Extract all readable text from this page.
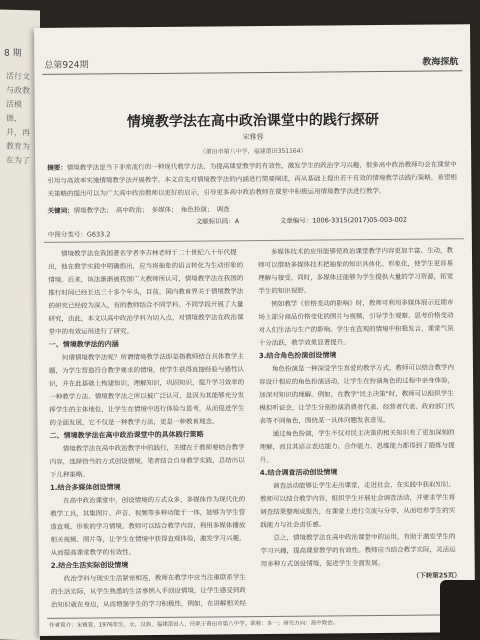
8 期
活行文与政教活模德，并，再教育为在为了
总第924期	教海探航
情境教学法在高中政治课堂中的践行探研
宋雅蓉
（莆田市第八中学，福建莆田351164）
摘要：情境教学法是当下非常流行的一种现代教学方法，为提高课堂教学的有效性，激发学生的政治学习兴趣，很多高中政治教师均会在课堂中引用与高效率实施情境教学法开展教学。本文首先对情境教学法的内涵进行简要阐述，再从基础上提出若干有效的情境教学法践行策略，希望相关策略的提出可以为广大高中政治教师以更好的启示，引导更多高中政治教师在课堂中积极运用情境教学法进行教学。
关键词：情境教学法；　高中政治；　多媒体；　角色扮演；　调查
文献标识码：A	文章编号：1006-3315(2017)05-003-002
中图分类号：G633.2

情境教学法在我国著名学者李吉林老师于二十世纪八十年代提出，他在教学实践中明确指出，应当将抽象的语言转化为生动形象的情境。后来，该法渐渐被我国广大教师所认可，情境教学法在我国的推行时间已经长达三十多个年头，目前，国内教育界关于情境教学法的研究已经较为深入，有的教师结合不同学科、不同学段开展了大量研究，由此，本文以高中政治学科为切入点，对情境教学法在政治课堂中的有效运用进行了研究。

一、情境教学法的内涵

何谓情境教学法呢？所谓情境教学法即是指教师结合具体教学主题，为学生营造符合教学要求的情境，使学生获得直接经验与感性认识，并在此基础上构建知识，理解知识，巩固知识，提升学习效率的一种教学方法。情境教学法之所以被广泛认可，是因为其能够充分发挥学生的主体地位，让学生在情境中进行体验与思考，从而促进学生的全面发展，它不仅是一种教学方法，更是一种教育理念。

二、情境教学法在高中政治课堂中的具体践行策略

情境教学法在高中政治教学中的践行，关键在于教师要结合教学内容，选择恰当的方式创设情境，笔者结合自身教学实践，总结出以下几种策略。

1.结合多媒体创设情境

在高中政治课堂中，创设情境的方式众多，多媒体作为现代化的教学工具，其集图片、声音、视频等多种功能于一体，能够为学生营造直观、形象的学习情境。教师可以结合教学内容，利用多媒体播放相关视频、图片等，让学生在情境中获得直观体验，激发学习兴趣，从而提高课堂教学的有效性。

2.结合生活实际创设情境

政治学科与现实生活紧密相连，教师在教学中应当注重联系学生的生活实际，从学生熟悉的生活事例入手创设情境，让学生感受到政治知识就在身边，从而增强学生的学习积极性。例如，在讲解相关经济生活知识时，教师可以引入学生熟悉的购物、消费等生活场景，引导学生进行思考与讨论。

多媒体技术的应用能够使政治课堂教学内容更加丰富、生动，教师可以借助多媒体技术把抽象的知识具体化、形象化，使学生更容易理解与接受。同时，多媒体还能够为学生提供大量的学习资源，拓宽学生的知识视野。

例如教学《价格变动的影响》时，教师可利用多媒体展示近期市场上部分商品价格变化的图片与视频，引导学生观察、思考价格变动对人们生活与生产的影响。学生在直观的情境中积极发言，课堂气氛十分活跃，教学效果显著提升。

3.结合角色扮演创设情境

角色扮演是一种深受学生喜爱的教学方式，教师可以结合教学内容设计相应的角色扮演活动，让学生在扮演角色的过程中亲身体验，加深对知识的理解。例如，在教学"民主决策"时，教师可以组织学生模拟听证会，让学生分别扮演消费者代表、经营者代表、政府部门代表等不同角色，围绕某一具体问题发表意见。

通过角色扮演，学生不仅对民主决策的相关知识有了更加深刻的理解，而且其语言表达能力、合作能力、思维能力都得到了锻炼与提升。

4.结合调查活动创设情境

调查活动能够让学生走出课堂，走进社会，在实践中获取知识。教师可以结合教学内容，组织学生开展社会调查活动，并要求学生将调查结果整理成报告，在课堂上进行交流与分享，从而培养学生的实践能力与社会责任感。

总之，情境教学法在高中政治课堂中的运用，有助于激发学生的学习兴趣，提高课堂教学的有效性。教师应当结合教学实际，灵活运用多种方式创设情境，促进学生全面发展。

（下转第25页）
作者简介：宋雅蓉，1976年生，女，汉族，福建莆田人，任职于莆田市第八中学。职称：本一；研究方向：高中政治。
